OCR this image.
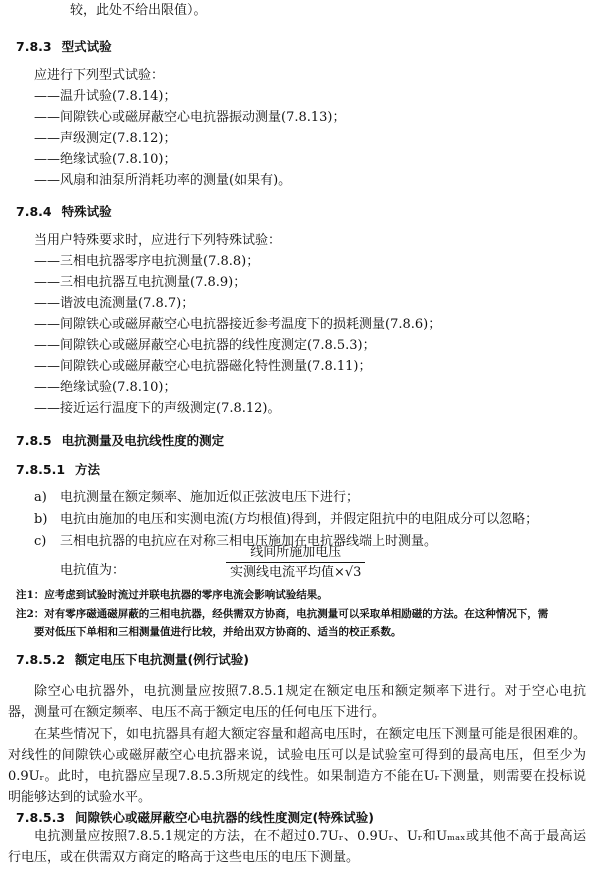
较，此处不给出限值）。
7.8.3 型式试验
应进行下列型式试验：
——温升试验(7.8.14)；
——间隙铁心或磁屏蔽空心电抗器振动测量(7.8.13)；
——声级测定(7.8.12)；
——绝缘试验(7.8.10)；
——风扇和油泵所消耗功率的测量(如果有)。
7.8.4 特殊试验
当用户特殊要求时，应进行下列特殊试验：
——三相电抗器零序电抗测量(7.8.8)；
——三相电抗器互电抗测量(7.8.9)；
——谐波电流测量(7.8.7)；
——间隙铁心或磁屏蔽空心电抗器接近参考温度下的损耗测量(7.8.6)；
——间隙铁心或磁屏蔽空心电抗器的线性度测定(7.8.5.3)；
——间隙铁心或磁屏蔽空心电抗器磁化特性测量(7.8.11)；
——绝缘试验(7.8.10)；
——接近运行温度下的声级测定(7.8.12)。
7.8.5 电抗测量及电抗线性度的测定
7.8.5.1 方法
a) 电抗测量在额定频率、施加近似正弦波电压下进行；
b) 电抗由施加的电压和实测电流(方均根值)得到，并假定阻抗中的电阻成分可以忽略；
c) 三相电抗器的电抗应在对称三相电压施加在电抗器线端上时测量。
电抗值为：
线间所施加电压
实测线电流平均值×√3
注1：应考虑到试验时流过并联电抗器的零序电流会影响试验结果。
注2：对有零序磁通磁屏蔽的三相电抗器，经供需双方协商，电抗测量可以采取单相励磁的方法。在这种情况下，需
要对低压下单相和三相测量值进行比较，并给出双方协商的、适当的校正系数。
7.8.5.2 额定电压下电抗测量(例行试验)
除空心电抗器外，电抗测量应按照7.8.5.1规定在额定电压和额定频率下进行。对于空心电抗器，测量可在额定频率、电压不高于额定电压的任何电压下进行。
在某些情况下，如电抗器具有超大额定容量和超高电压时，在额定电压下测量可能是很困难的。对线性的间隙铁心或磁屏蔽空心电抗器来说，试验电压可以是试验室可得到的最高电压，但至少为0.9Uᵣ。此时，电抗器应呈现7.8.5.3所规定的线性。如果制造方不能在Uᵣ下测量，则需要在投标说明能够达到的试验水平。
7.8.5.3 间隙铁心或磁屏蔽空心电抗器的线性度测定(特殊试验)
电抗测量应按照7.8.5.1规定的方法，在不超过0.7Uᵣ、0.9Uᵣ、Uᵣ和Uₘₐₓ或其他不高于最高运行电压，或在供需双方商定的略高于这些电压的电压下测量。
